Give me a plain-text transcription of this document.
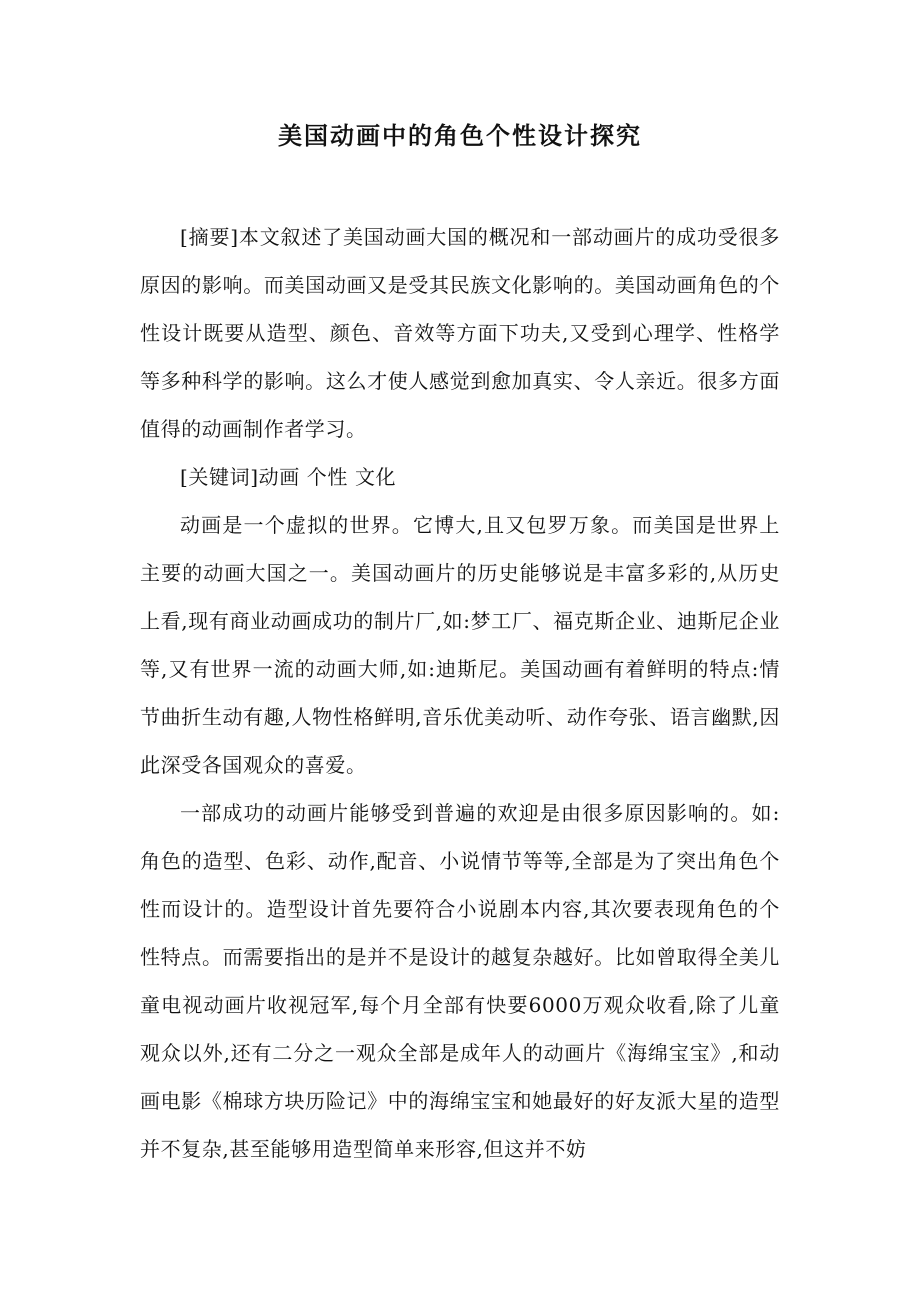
美国动画中的角色个性设计探究

[摘要]本文叙述了美国动画大国的概况和一部动画片的成功受很多原因的影响。而美国动画又是受其民族文化影响的。美国动画角色的个性设计既要从造型、颜色、音效等方面下功夫,又受到心理学、性格学等多种科学的影响。这么才使人感觉到愈加真实、令人亲近。很多方面值得的动画制作者学习。

[关键词]动画 个性 文化

动画是一个虚拟的世界。它博大,且又包罗万象。而美国是世界上主要的动画大国之一。美国动画片的历史能够说是丰富多彩的,从历史上看,现有商业动画成功的制片厂,如:梦工厂、福克斯企业、迪斯尼企业等,又有世界一流的动画大师,如:迪斯尼。美国动画有着鲜明的特点:情节曲折生动有趣,人物性格鲜明,音乐优美动听、动作夸张、语言幽默,因此深受各国观众的喜爱。

一部成功的动画片能够受到普遍的欢迎是由很多原因影响的。如:角色的造型、色彩、动作,配音、小说情节等等,全部是为了突出角色个性而设计的。造型设计首先要符合小说剧本内容,其次要表现角色的个性特点。而需要指出的是并不是设计的越复杂越好。比如曾取得全美儿童电视动画片收视冠军,每个月全部有快要6000万观众收看,除了儿童观众以外,还有二分之一观众全部是成年人的动画片《海绵宝宝》,和动画电影《棉球方块历险记》中的海绵宝宝和她最好的好友派大星的造型并不复杂,甚至能够用造型简单来形容,但这并不妨
